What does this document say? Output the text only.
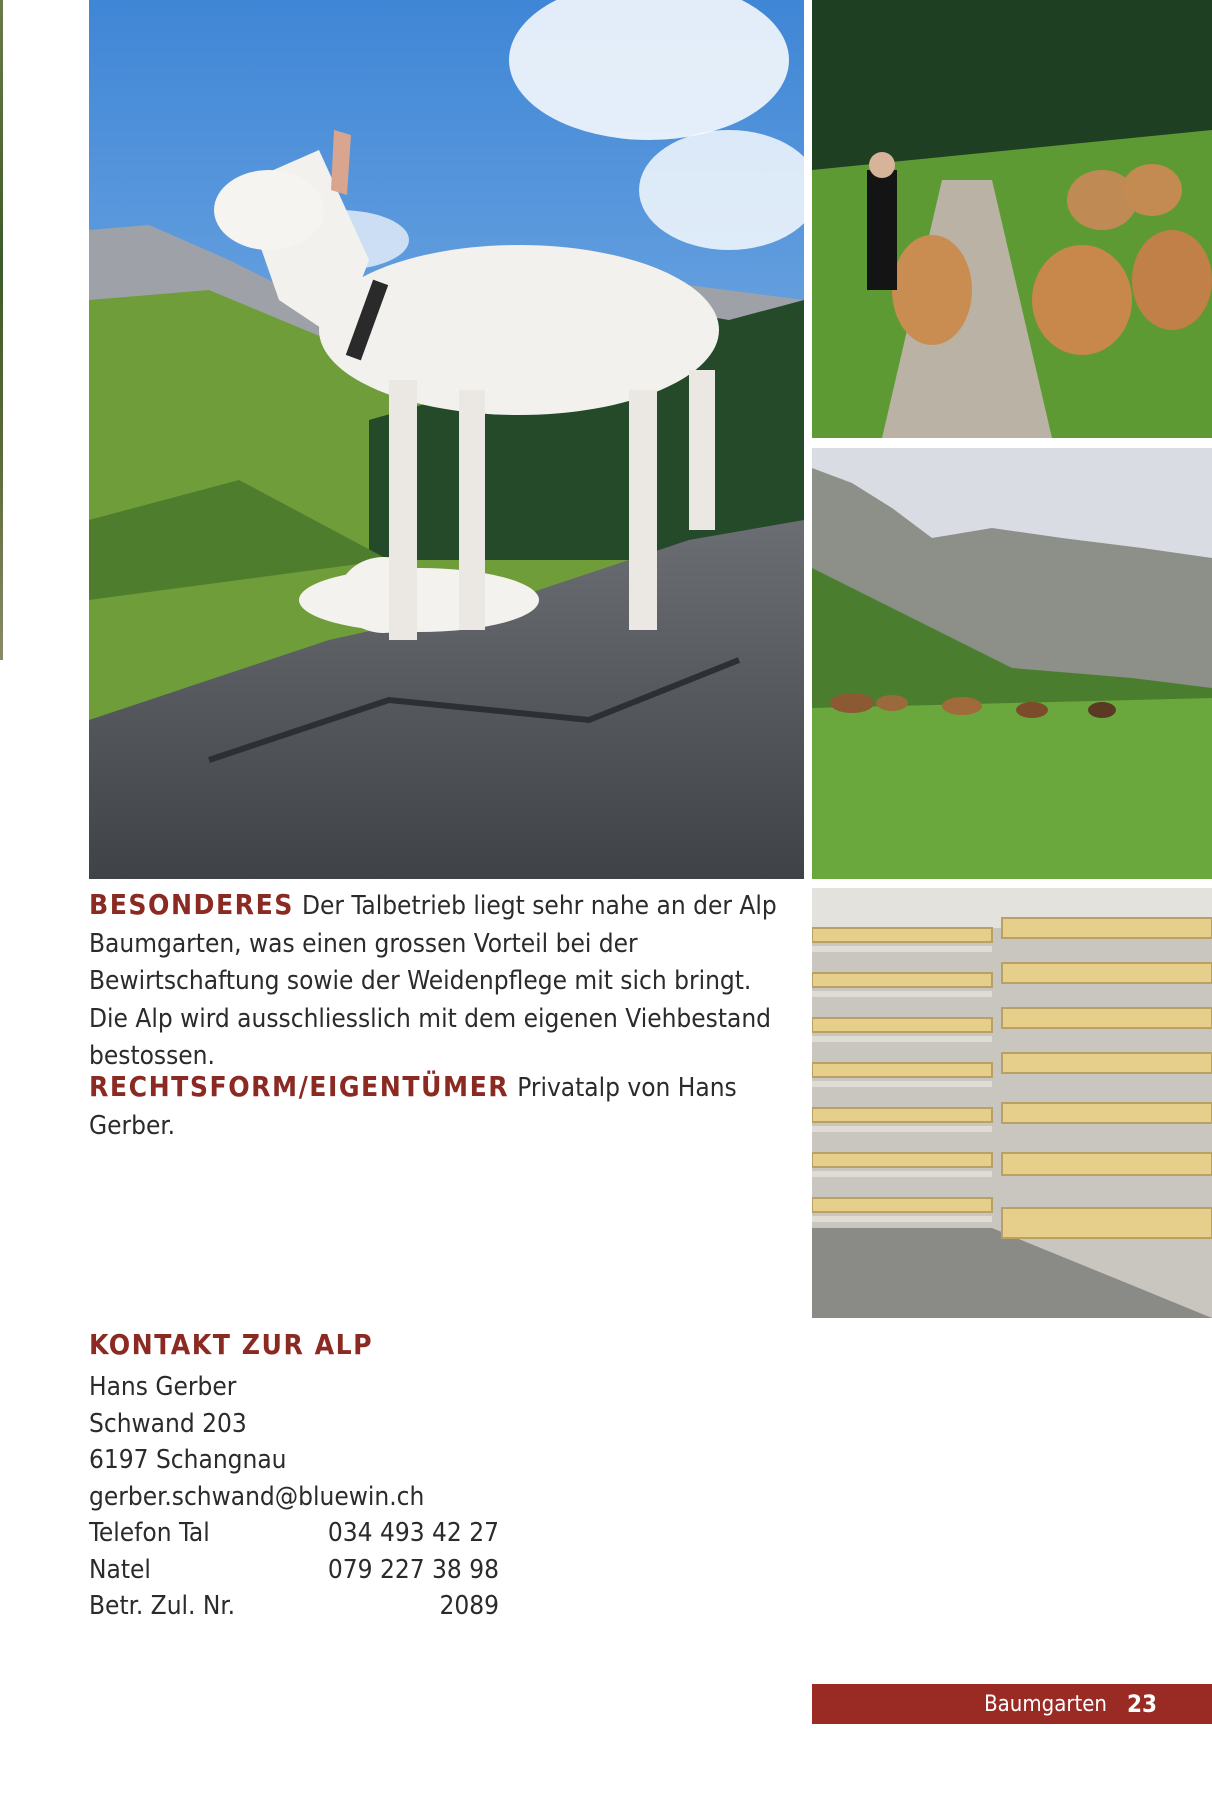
BESONDERES Der Talbetrieb liegt sehr nahe an der Alp Baumgarten, was einen grossen Vorteil bei der Bewirtschaftung sowie der Weidenpflege mit sich bringt. Die Alp wird ausschliesslich mit dem eigenen Viehbestand bestossen.
RECHTSFORM/EIGENTÜMER Privatalp von Hans Gerber.
KONTAKT ZUR ALP
Hans Gerber
Schwand 203
6197 Schangnau
gerber.schwand@bluewin.ch
Telefon Tal	034 493 42 27
Natel	079 227 38 98
Betr. Zul. Nr.	2089
Baumgarten 23
